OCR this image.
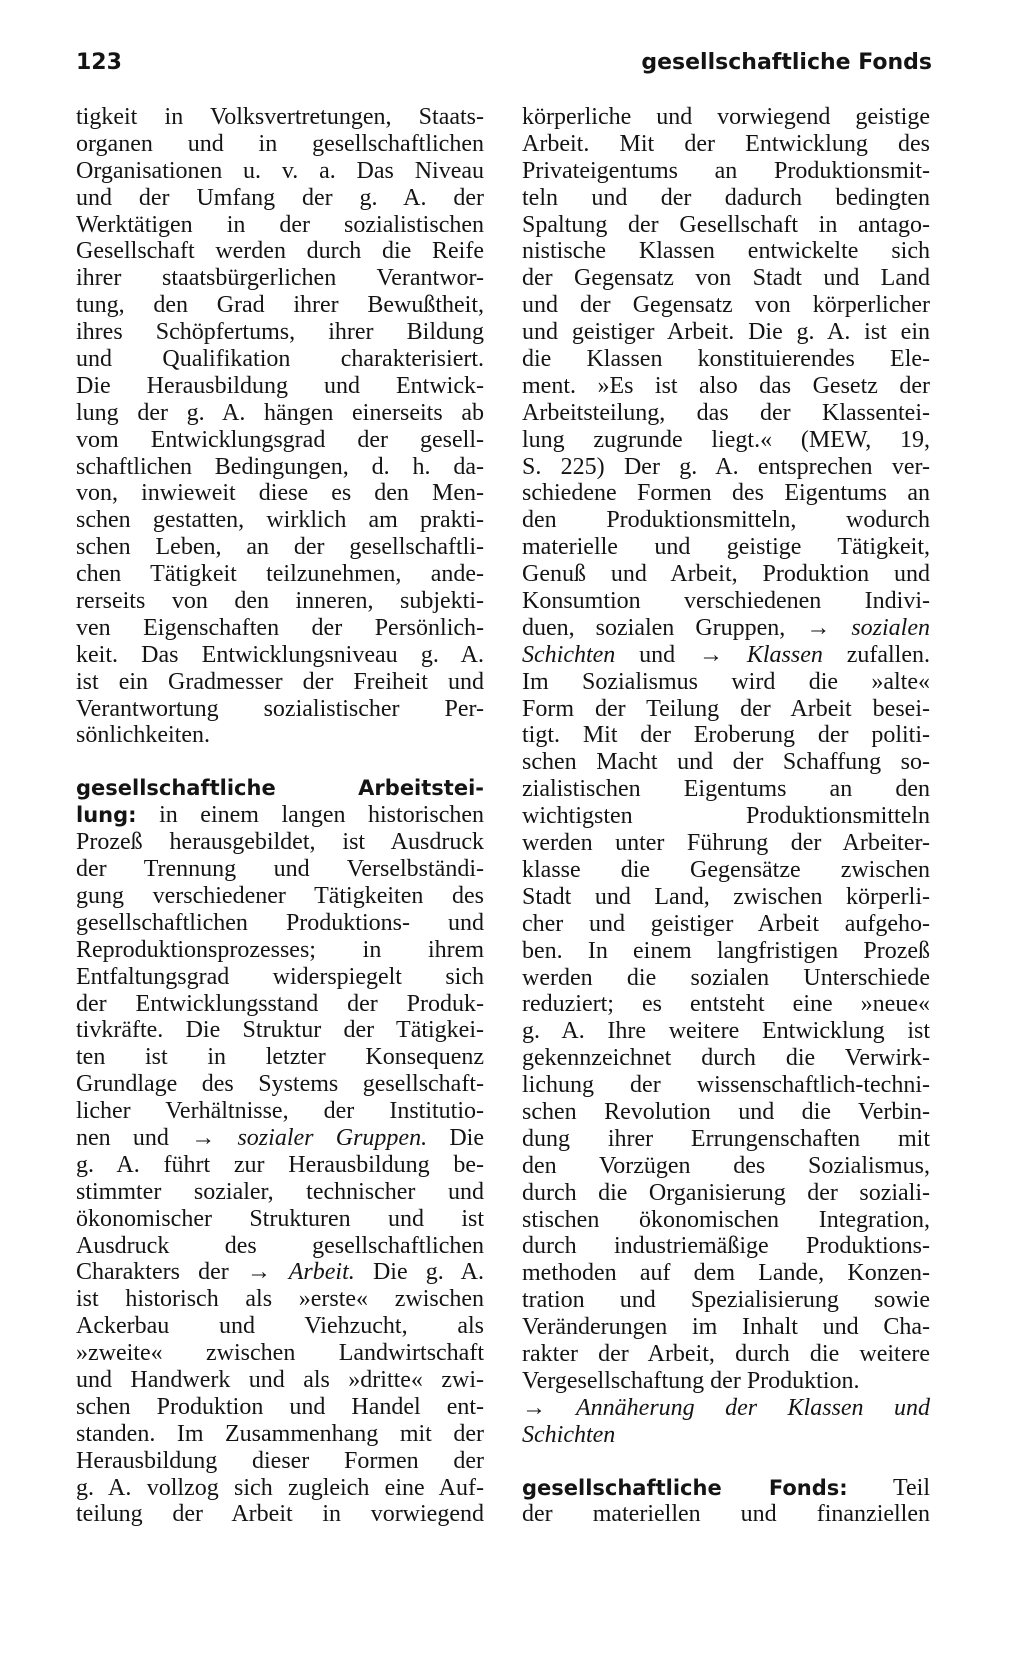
123	gesellschaftliche Fonds
tigkeit in Volksvertretungen, Staats-
organen und in gesellschaftlichen
Organisationen u. v. a. Das Niveau
und der Umfang der g. A. der
Werktätigen in der sozialistischen
Gesellschaft werden durch die Reife
ihrer staatsbürgerlichen Verantwor-
tung, den Grad ihrer Bewußtheit,
ihres Schöpfertums, ihrer Bildung
und Qualifikation charakterisiert.
Die Herausbildung und Entwick-
lung der g. A. hängen einerseits ab
vom Entwicklungsgrad der gesell-
schaftlichen Bedingungen, d. h. da-
von, inwieweit diese es den Men-
schen gestatten, wirklich am prakti-
schen Leben, an der gesellschaftli-
chen Tätigkeit teilzunehmen, ande-
rerseits von den inneren, subjekti-
ven Eigenschaften der Persönlich-
keit. Das Entwicklungsniveau g. A.
ist ein Gradmesser der Freiheit und
Verantwortung sozialistischer Per-
sönlichkeiten.
gesellschaftliche	Arbeitstei-
lung: in einem langen historischen
Prozeß herausgebildet, ist Ausdruck
der Trennung und Verselbständi-
gung verschiedener Tätigkeiten des
gesellschaftlichen Produktions- und
Reproduktionsprozesses; in ihrem
Entfaltungsgrad widerspiegelt sich
der Entwicklungsstand der Produk-
tivkräfte. Die Struktur der Tätigkei-
ten ist in letzter Konsequenz
Grundlage des Systems gesellschaft-
licher Verhältnisse, der Institutio-
nen und → sozialer Gruppen. Die
g. A. führt zur Herausbildung be-
stimmter sozialer, technischer und
ökonomischer Strukturen und ist
Ausdruck des gesellschaftlichen
Charakters der → Arbeit. Die g. A.
ist historisch als »erste« zwischen
Ackerbau und Viehzucht, als
»zweite« zwischen Landwirtschaft
und Handwerk und als »dritte« zwi-
schen Produktion und Handel ent-
standen. Im Zusammenhang mit der
Herausbildung dieser Formen der
g. A. vollzog sich zugleich eine Auf-
teilung der Arbeit in vorwiegend
körperliche und vorwiegend geistige
Arbeit. Mit der Entwicklung des
Privateigentums an Produktionsmit-
teln und der dadurch bedingten
Spaltung der Gesellschaft in antago-
nistische Klassen entwickelte sich
der Gegensatz von Stadt und Land
und der Gegensatz von körperlicher
und geistiger Arbeit. Die g. A. ist ein
die Klassen konstituierendes Ele-
ment. »Es ist also das Gesetz der
Arbeitsteilung, das der Klassentei-
lung zugrunde liegt.« (MEW, 19,
S. 225) Der g. A. entsprechen ver-
schiedene Formen des Eigentums an
den Produktionsmitteln, wodurch
materielle und geistige Tätigkeit,
Genuß und Arbeit, Produktion und
Konsumtion verschiedenen Indivi-
duen, sozialen Gruppen, → sozialen
Schichten und → Klassen zufallen.
Im Sozialismus wird die »alte«
Form der Teilung der Arbeit besei-
tigt. Mit der Eroberung der politi-
schen Macht und der Schaffung so-
zialistischen Eigentums an den
wichtigsten Produktionsmitteln
werden unter Führung der Arbeiter-
klasse die Gegensätze zwischen
Stadt und Land, zwischen körperli-
cher und geistiger Arbeit aufgeho-
ben. In einem langfristigen Prozeß
werden die sozialen Unterschiede
reduziert; es entsteht eine »neue«
g. A. Ihre weitere Entwicklung ist
gekennzeichnet durch die Verwirk-
lichung der wissenschaftlich-techni-
schen Revolution und die Verbin-
dung ihrer Errungenschaften mit
den Vorzügen des Sozialismus,
durch die Organisierung der soziali-
stischen ökonomischen Integration,
durch industriemäßige Produktions-
methoden auf dem Lande, Konzen-
tration und Spezialisierung sowie
Veränderungen im Inhalt und Cha-
rakter der Arbeit, durch die weitere
Vergesellschaftung der Produktion.
→ Annäherung der Klassen und
Schichten
gesellschaftliche Fonds: Teil
der materiellen und finanziellen
